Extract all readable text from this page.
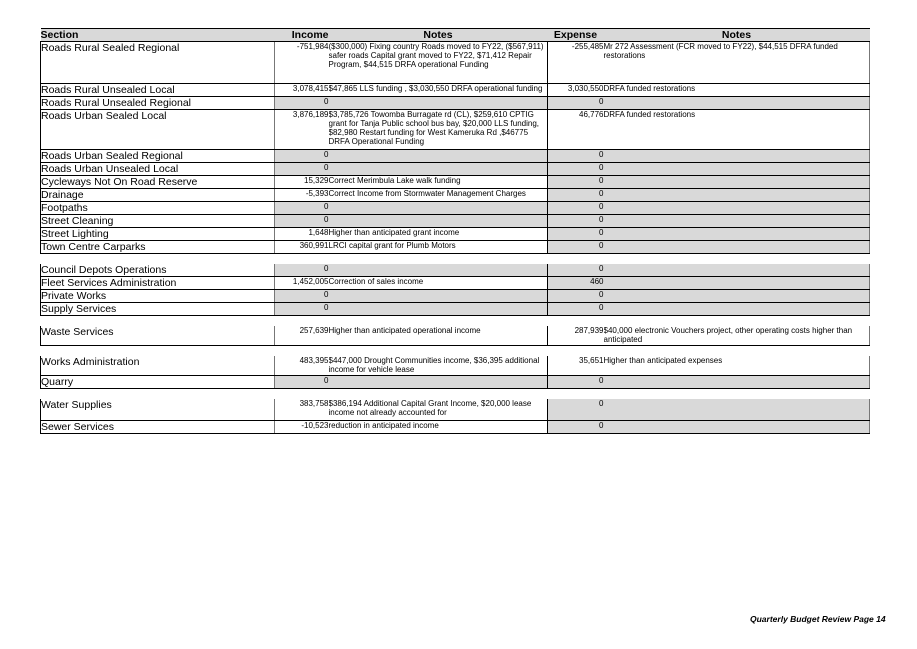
Section	Income	Notes	Expense	Notes
Roads Rural Sealed Regional	-751,984	($300,000) Fixing country Roads moved to FY22, ($567,911) safer roads Capital grant moved to FY22, $71,412 Repair Program, $44,515 DRFA operational Funding	-255,485	Mr 272 Assessment (FCR moved to FY22), $44,515 DFRA funded restorations
Roads Rural Unsealed Local	3,078,415	$47,865 LLS funding , $3,030,550 DRFA operational funding	3,030,550	DRFA funded restorations
Roads Rural Unsealed Regional	0		0	
Roads Urban Sealed Local	3,876,189	$3,785,726 Towomba Burragate rd (CL), $259,610 CPTIG grant for Tanja Public school bus bay, $20,000 LLS funding, $82,980 Restart funding for West Kameruka Rd ,$46775 DRFA Operational Funding	46,776	DRFA funded restorations
Roads Urban Sealed Regional	0		0	
Roads Urban Unsealed Local	0		0	
Cycleways Not On Road Reserve	15,329	Correct Merimbula Lake walk funding	0	
Drainage	-5,393	Correct Income from Stormwater Management Charges	0	
Footpaths	0		0	
Street Cleaning	0		0	
Street Lighting	1,648	Higher than anticipated grant income	0	
Town Centre Carparks	360,991	LRCI capital grant for Plumb Motors	0	

Council Depots Operations	0		0	
Fleet Services Administration	1,452,005	Correction of sales income	460	
Private Works	0		0	
Supply Services	0		0	

Waste Services	257,639	Higher than anticipated operational income	287,939	$40,000 electronic Vouchers project, other operating costs higher than anticipated

Works Administration	483,395	$447,000 Drought Communities income, $36,395 additional income for vehicle lease	35,651	Higher than anticipated expenses
Quarry	0		0	

Water Supplies	383,758	$386,194 Additional Capital Grant Income, $20,000 lease income not already accounted for	0	
Sewer Services	-10,523	reduction in anticipated income	0	
Quarterly Budget Review Page 14
